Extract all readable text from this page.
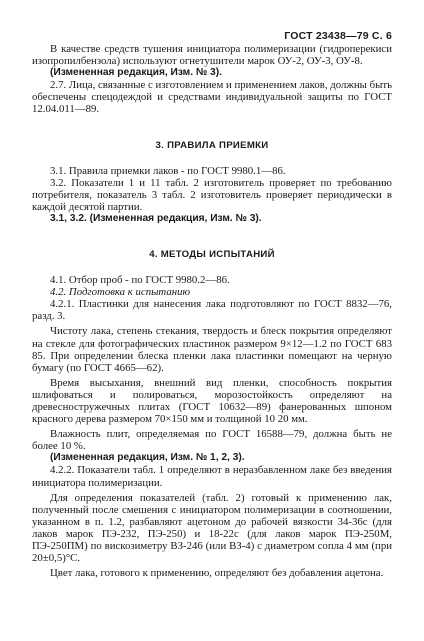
ГОСТ 23438—79 С. 6

В качестве средств тушения инициатора полимеризации (гидроперекиси изопропилбензола) используют огнетушители марок ОУ-2, ОУ-3, ОУ-8.

(Измененная редакция, Изм. № 3).

2.7. Лица, связанные с изготовлением и применением лаков, должны быть обеспечены спецодеждой и средствами индивидуальной защиты по ГОСТ 12.04.011—89.

3. ПРАВИЛА ПРИЕМКИ

3.1. Правила приемки лаков - по ГОСТ 9980.1—86.

3.2. Показатели 1 и 11 табл. 2 изготовитель проверяет по требованию потребителя, показатель 3 табл. 2 изготовитель проверяет периодически в каждой десятой партии.

3.1, 3.2. (Измененная редакция, Изм. № 3).

4. МЕТОДЫ ИСПЫТАНИЙ

4.1. Отбор проб - по ГОСТ 9980.2—86.

4.2. Подготовка к испытанию

4.2.1. Пластинки для нанесения лака подготовляют по ГОСТ 8832—76, разд. 3.

Чистоту лака, степень стекания, твердость и блеск покрытия определяют на стекле для фотографических пластинок размером 9×12—1.2 по ГОСТ 683 85. При определении блеска пленки лака пластинки помещают на черную бумагу (по ГОСТ 4665—62).

Время высыхания, внешний вид пленки, способность покрытия шлифоваться и полироваться, морозостойкость определяют на древесностружечных плитах (ГОСТ 10632—89) фанерованных шпоном красного дерева размером 70×150 мм и толщиной 10 20 мм.

Влажность плит, определяемая по ГОСТ 16588—79, должна быть не более 10 %.

(Измененная редакция, Изм. № 1, 2, 3).

4.2.2. Показатели табл. 1 определяют в неразбавленном лаке без введения инициатора полимеризации.

Для определения показателей (табл. 2) готовый к применению лак, полученный после смешения с инициатором полимеризации в соотношении, указанном в п. 1.2, разбавляют ацетоном до рабочей вязкости 34-36с (для лаков марок ПЭ-232, ПЭ-250) и 18-22с (для лаков марок ПЭ-250М, ПЭ-250ПМ) по вискозиметру ВЗ-246 (или ВЗ-4) с диаметром сопла 4 мм (при 20±0,5)°С.

Цвет лака, готового к применению, определяют без добавления ацетона.
